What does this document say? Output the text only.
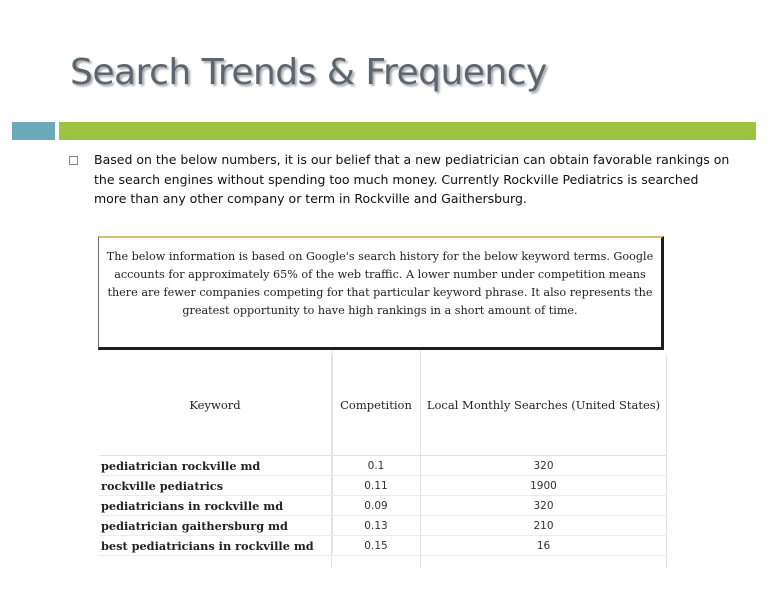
Search Trends & Frequency
Based on the below numbers, it is our belief that a new pediatrician can obtain favorable rankings on the search engines without spending too much money. Currently Rockville Pediatrics is searched more than any other company or term in Rockville and Gaithersburg.
The below information is based on Google's search history for the below keyword terms. Google accounts for approximately 65% of the web traffic. A lower number under competition means there are fewer companies competing for that particular keyword phrase. It also represents the greatest opportunity to have high rankings in a short amount of time.
Keyword	Competition	Local Monthly Searches (United States)
pediatrician rockville md	0.1	320
rockville pediatrics	0.11	1900
pediatricians in rockville md	0.09	320
pediatrician gaithersburg md	0.13	210
best pediatricians in rockville md	0.15	16
